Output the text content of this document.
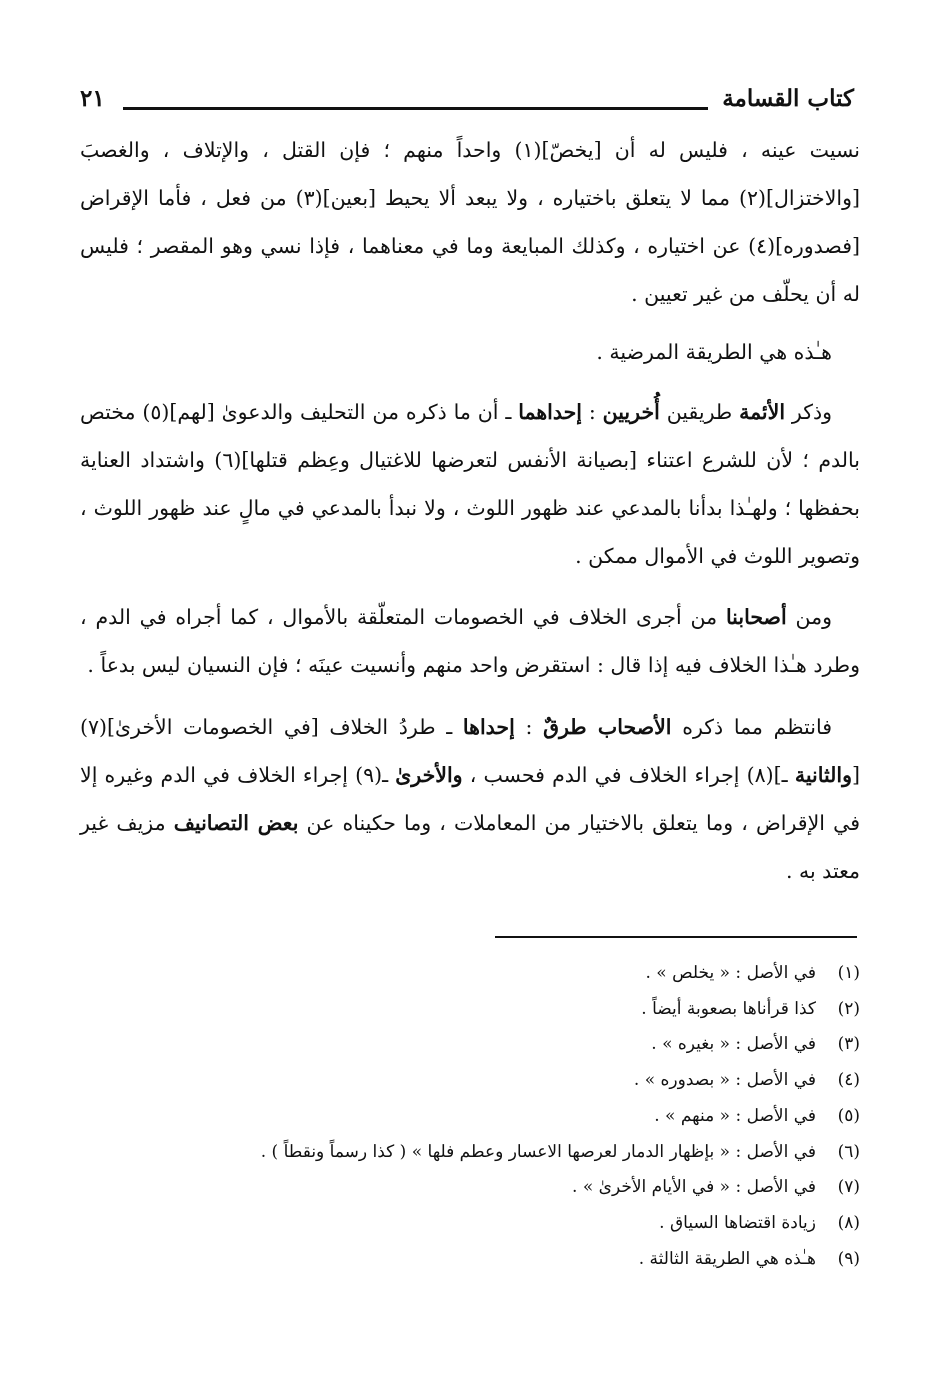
كتاب القسامة
٢١

نسيت عينه ، فليس له أن [يخصّ](١) واحداً منهم ؛ فإن القتل ، والإتلاف ، والغصبَ [والاختزال](٢) مما لا يتعلق باختياره ، ولا يبعد ألا يحيط [بعين](٣) من فعل ، فأما الإقراض [فصدوره](٤) عن اختياره ، وكذلك المبايعة وما في معناهما ، فإذا نسي وهو المقصر ؛ فليس له أن يحلّف من غير تعيين .

هـٰذه هي الطريقة المرضية .

وذكر الأئمة طريقين أُخريين : إحداهما ـ أن ما ذكره من التحليف والدعوىٰ [لهم](٥) مختص بالدم ؛ لأن للشرع اعتناء [بصيانة الأنفس لتعرضها للاغتيال وعِظم قتلها](٦) واشتداد العناية بحفظها ؛ ولهـٰذا بدأنا بالمدعي عند ظهور اللوث ، ولا نبدأ بالمدعي في مالٍ عند ظهور اللوث ، وتصوير اللوث في الأموال ممكن .

ومن أصحابنا من أجرى الخلاف في الخصومات المتعلّقة بالأموال ، كما أجراه في الدم ، وطرد هـٰذا الخلاف فيه إذا قال : استقرض واحد منهم وأنسيت عينَه ؛ فإن النسيان ليس بدعاً .

فانتظم مما ذكره الأصحاب طرقٌ : إحداها ـ طردُ الخلاف [في الخصومات الأخرىٰ](٧) [والثانية ـ](٨) إجراء الخلاف في الدم فحسب ، والأخرىٰ ـ(٩) إجراء الخلاف في الدم وغيره إلا في الإقراض ، وما يتعلق بالاختيار من المعاملات ، وما حكيناه عن بعض التصانيف مزيف غير معتد به .

(١)
في الأصل : « يخلص » .
(٢)
كذا قرأناها بصعوبة أيضاً .
(٣)
في الأصل : « بغيره » .
(٤)
في الأصل : « بصدوره » .
(٥)
في الأصل : « منهم » .
(٦)
في الأصل : « بإظهار الدمار لعرصها الاعسار وعطم فلها » ( كذا رسماً ونقطاً ) .
(٧)
في الأصل : « في الأيام الأخرىٰ » .
(٨)
زيادة اقتضاها السياق .
(٩)
هـٰذه هي الطريقة الثالثة .
